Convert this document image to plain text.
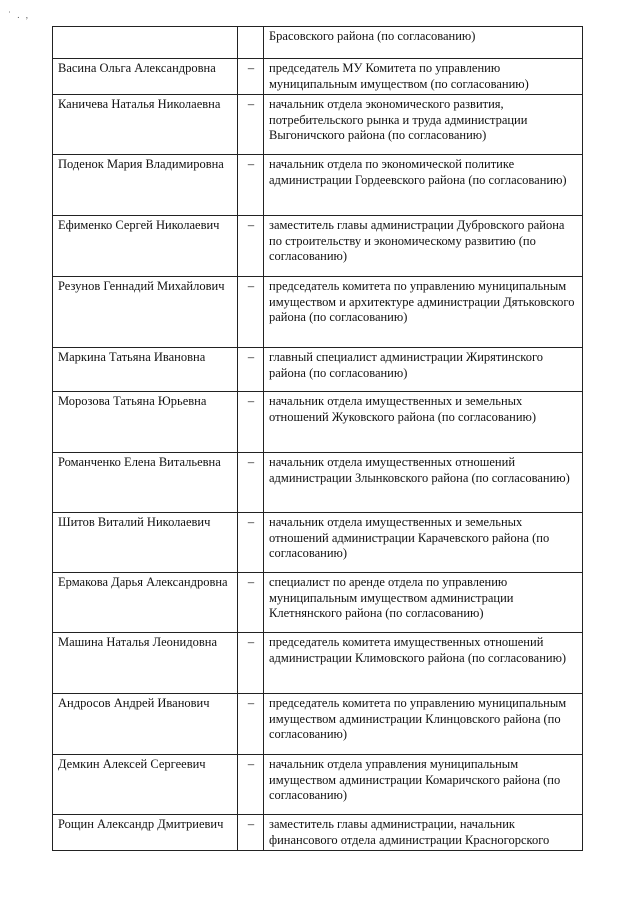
ʾ . ,
		Брасовского района (по согласованию)
Васина Ольга Александровна	–	председатель МУ Комитета по управлению муниципальным имуществом (по согласованию)
Каничева Наталья Николаевна	–	начальник отдела экономического развития, потребительского рынка и труда администрации Выгоничского района (по согласованию)
Поденок Мария Владимировна	–	начальник отдела по экономической политике администрации Гордеевского района (по согласованию)
Ефименко Сергей Николаевич	–	заместитель главы администрации Дубровского района по строительству и экономическому развитию (по согласованию)
Резунов Геннадий Михайлович	–	председатель комитета по управлению муниципальным имуществом и архитектуре администрации Дятьковского района (по согласованию)
Маркина Татьяна Ивановна	–	главный специалист администрации Жирятинского района (по согласованию)
Морозова Татьяна Юрьевна	–	начальник отдела имущественных и земельных отношений Жуковского района (по согласованию)
Романченко Елена Витальевна	–	начальник отдела имущественных отношений администрации Злынковского района (по согласованию)
Шитов Виталий Николаевич	–	начальник отдела имущественных и земельных отношений администрации Карачевского района (по согласованию)
Ермакова Дарья Александровна	–	специалист по аренде отдела по управлению муниципальным имуществом администрации Клетнянского района (по согласованию)
Машина Наталья Леонидовна	–	председатель комитета имущественных отношений администрации Климовского района (по согласованию)
Андросов Андрей Иванович	–	председатель комитета по управлению муниципальным имуществом администрации Клинцовского района (по согласованию)
Демкин Алексей Сергеевич	–	начальник отдела управления муниципальным имуществом администрации Комаричского района (по согласованию)
Рощин Александр Дмитриевич	–	заместитель главы администрации, начальник финансового отдела администрации Красногорского
